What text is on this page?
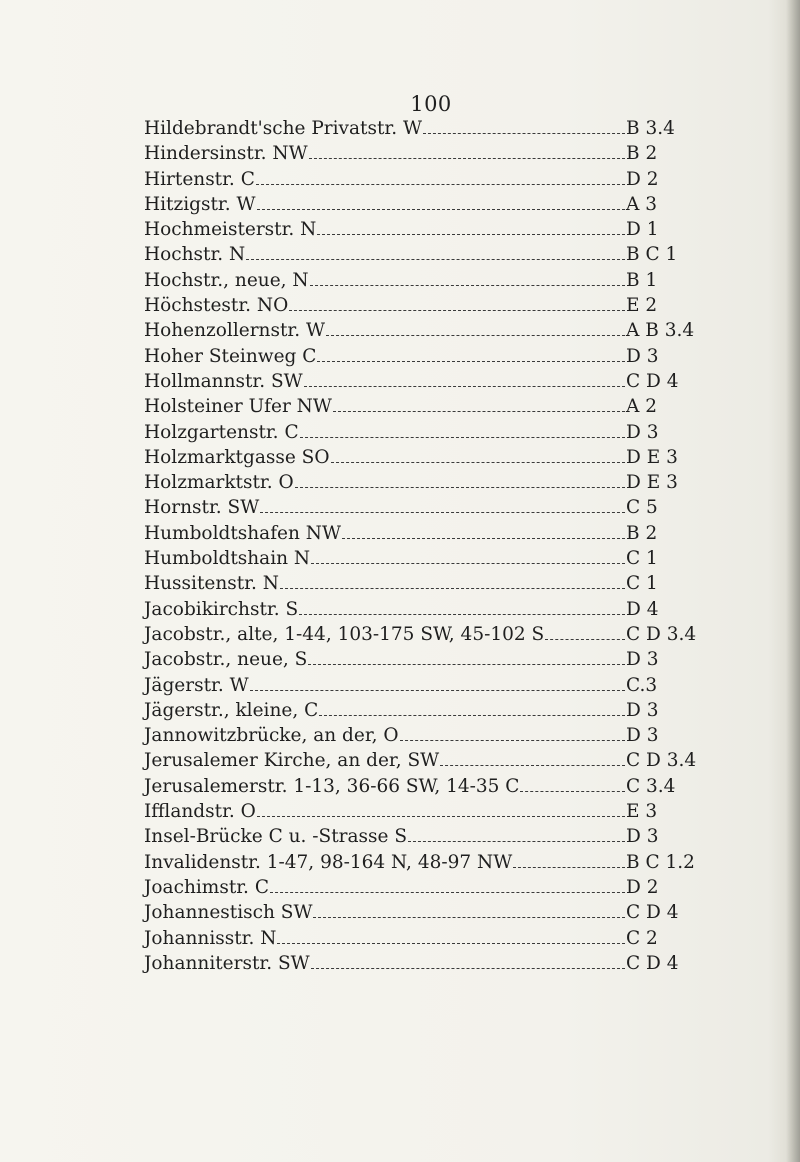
100
Hildebrandt'sche Privatstr. W	B 3.4
Hindersinstr. NW	B 2
Hirtenstr. C	D 2
Hitzigstr. W	A 3
Hochmeisterstr. N	D 1
Hochstr. N	B C 1
Hochstr., neue, N	B 1
Höchstestr. NO	E 2
Hohenzollernstr. W	A B 3.4
Hoher Steinweg C	D 3
Hollmannstr. SW	C D 4
Holsteiner Ufer NW	A 2
Holzgartenstr. C	D 3
Holzmarktgasse SO	D E 3
Holzmarktstr. O	D E 3
Hornstr. SW	C 5
Humboldtshafen NW	B 2
Humboldtshain N	C 1
Hussitenstr. N	C 1
Jacobikirchstr. S	D 4
Jacobstr., alte, 1-44, 103-175 SW, 45-102 S	C D 3.4
Jacobstr., neue, S	D 3
Jägerstr. W	C.3
Jägerstr., kleine, C	D 3
Jannowitzbrücke, an der, O	D 3
Jerusalemer Kirche, an der, SW	C D 3.4
Jerusalemerstr. 1-13, 36-66 SW, 14-35 C	C 3.4
Ifflandstr. O	E 3
Insel-Brücke C u. -Strasse S	D 3
Invalidenstr. 1-47, 98-164 N, 48-97 NW	B C 1.2
Joachimstr. C	D 2
Johannestisch SW	C D 4
Johannisstr. N	C 2
Johanniterstr. SW	C D 4
